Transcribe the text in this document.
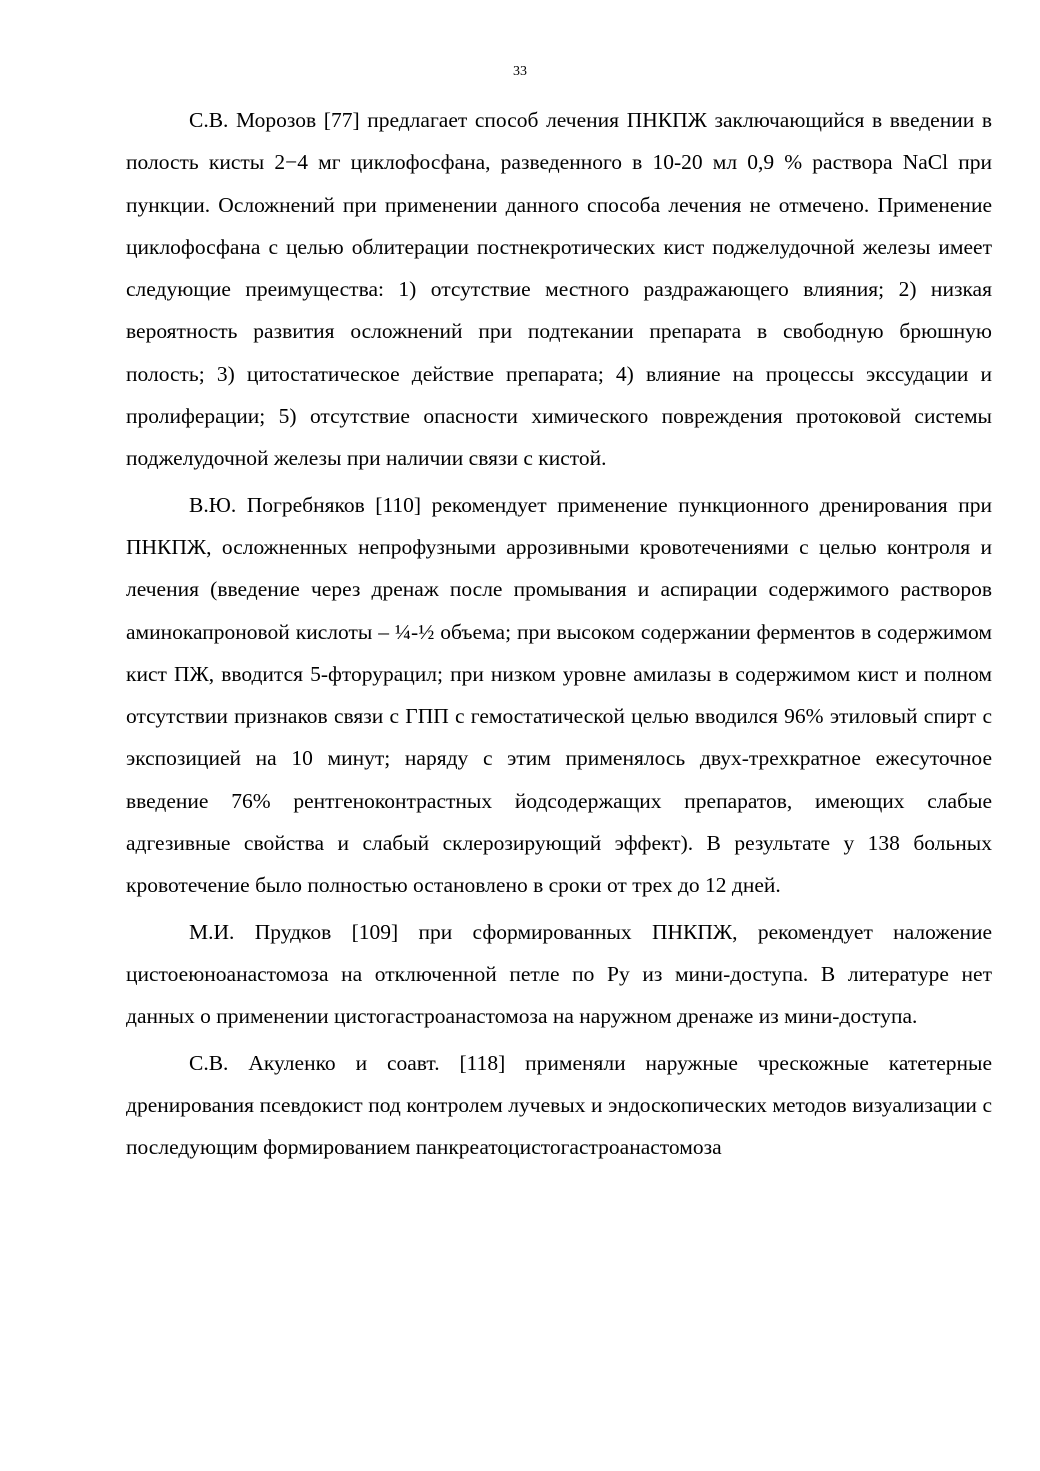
33

С.В. Морозов [77] предлагает способ лечения ПНКПЖ заключающийся в введении в полость кисты 2−4 мг циклофосфана, разведенного в 10-20 мл 0,9 % раствора NaCl при пункции. Осложнений при применении данного способа лечения не отмечено. Применение циклофосфана с целью облитерации постнекротических кист поджелудочной железы имеет следующие преимущества: 1) отсутствие местного раздражающего влияния; 2) низкая вероятность развития осложнений при подтекании препарата в свободную брюшную полость; 3) цитостатическое действие препарата; 4) влияние на процессы экссудации и пролиферации; 5) отсутствие опасности химического повреждения протоковой системы поджелудочной железы при наличии связи с кистой.

В.Ю. Погребняков [110] рекомендует применение пункционного дренирования при ПНКПЖ, осложненных непрофузными аррозивными кровотечениями с целью контроля и лечения (введение через дренаж после промывания и аспирации содержимого растворов аминокапроновой кислоты – ¼-½ объема; при высоком содержании ферментов в содержимом кист ПЖ, вводится 5-фторурацил; при низком уровне амилазы в содержимом кист и полном отсутствии признаков связи с ГПП с гемостатической целью вводился 96% этиловый спирт с экспозицией на 10 минут; наряду с этим применялось двух-трехкратное ежесуточное введение 76% рентгеноконтрастных йодсодержащих препаратов, имеющих слабые адгезивные свойства и слабый склерозирующий эффект). В результате у 138 больных кровотечение было полностью остановлено в сроки от трех до 12 дней.

М.И. Прудков [109] при сформированных ПНКПЖ, рекомендует наложение цистоеюноанастомоза на отключенной петле по Ру из мини-доступа. В литературе нет данных о применении цистогастроанастомоза на наружном дренаже из мини-доступа.

С.В. Акуленко и соавт. [118] применяли наружные чрескожные катетерные дренирования псевдокист под контролем лучевых и эндоскопических методов визуализации с последующим формированием панкреатоцистогастроанастомоза
